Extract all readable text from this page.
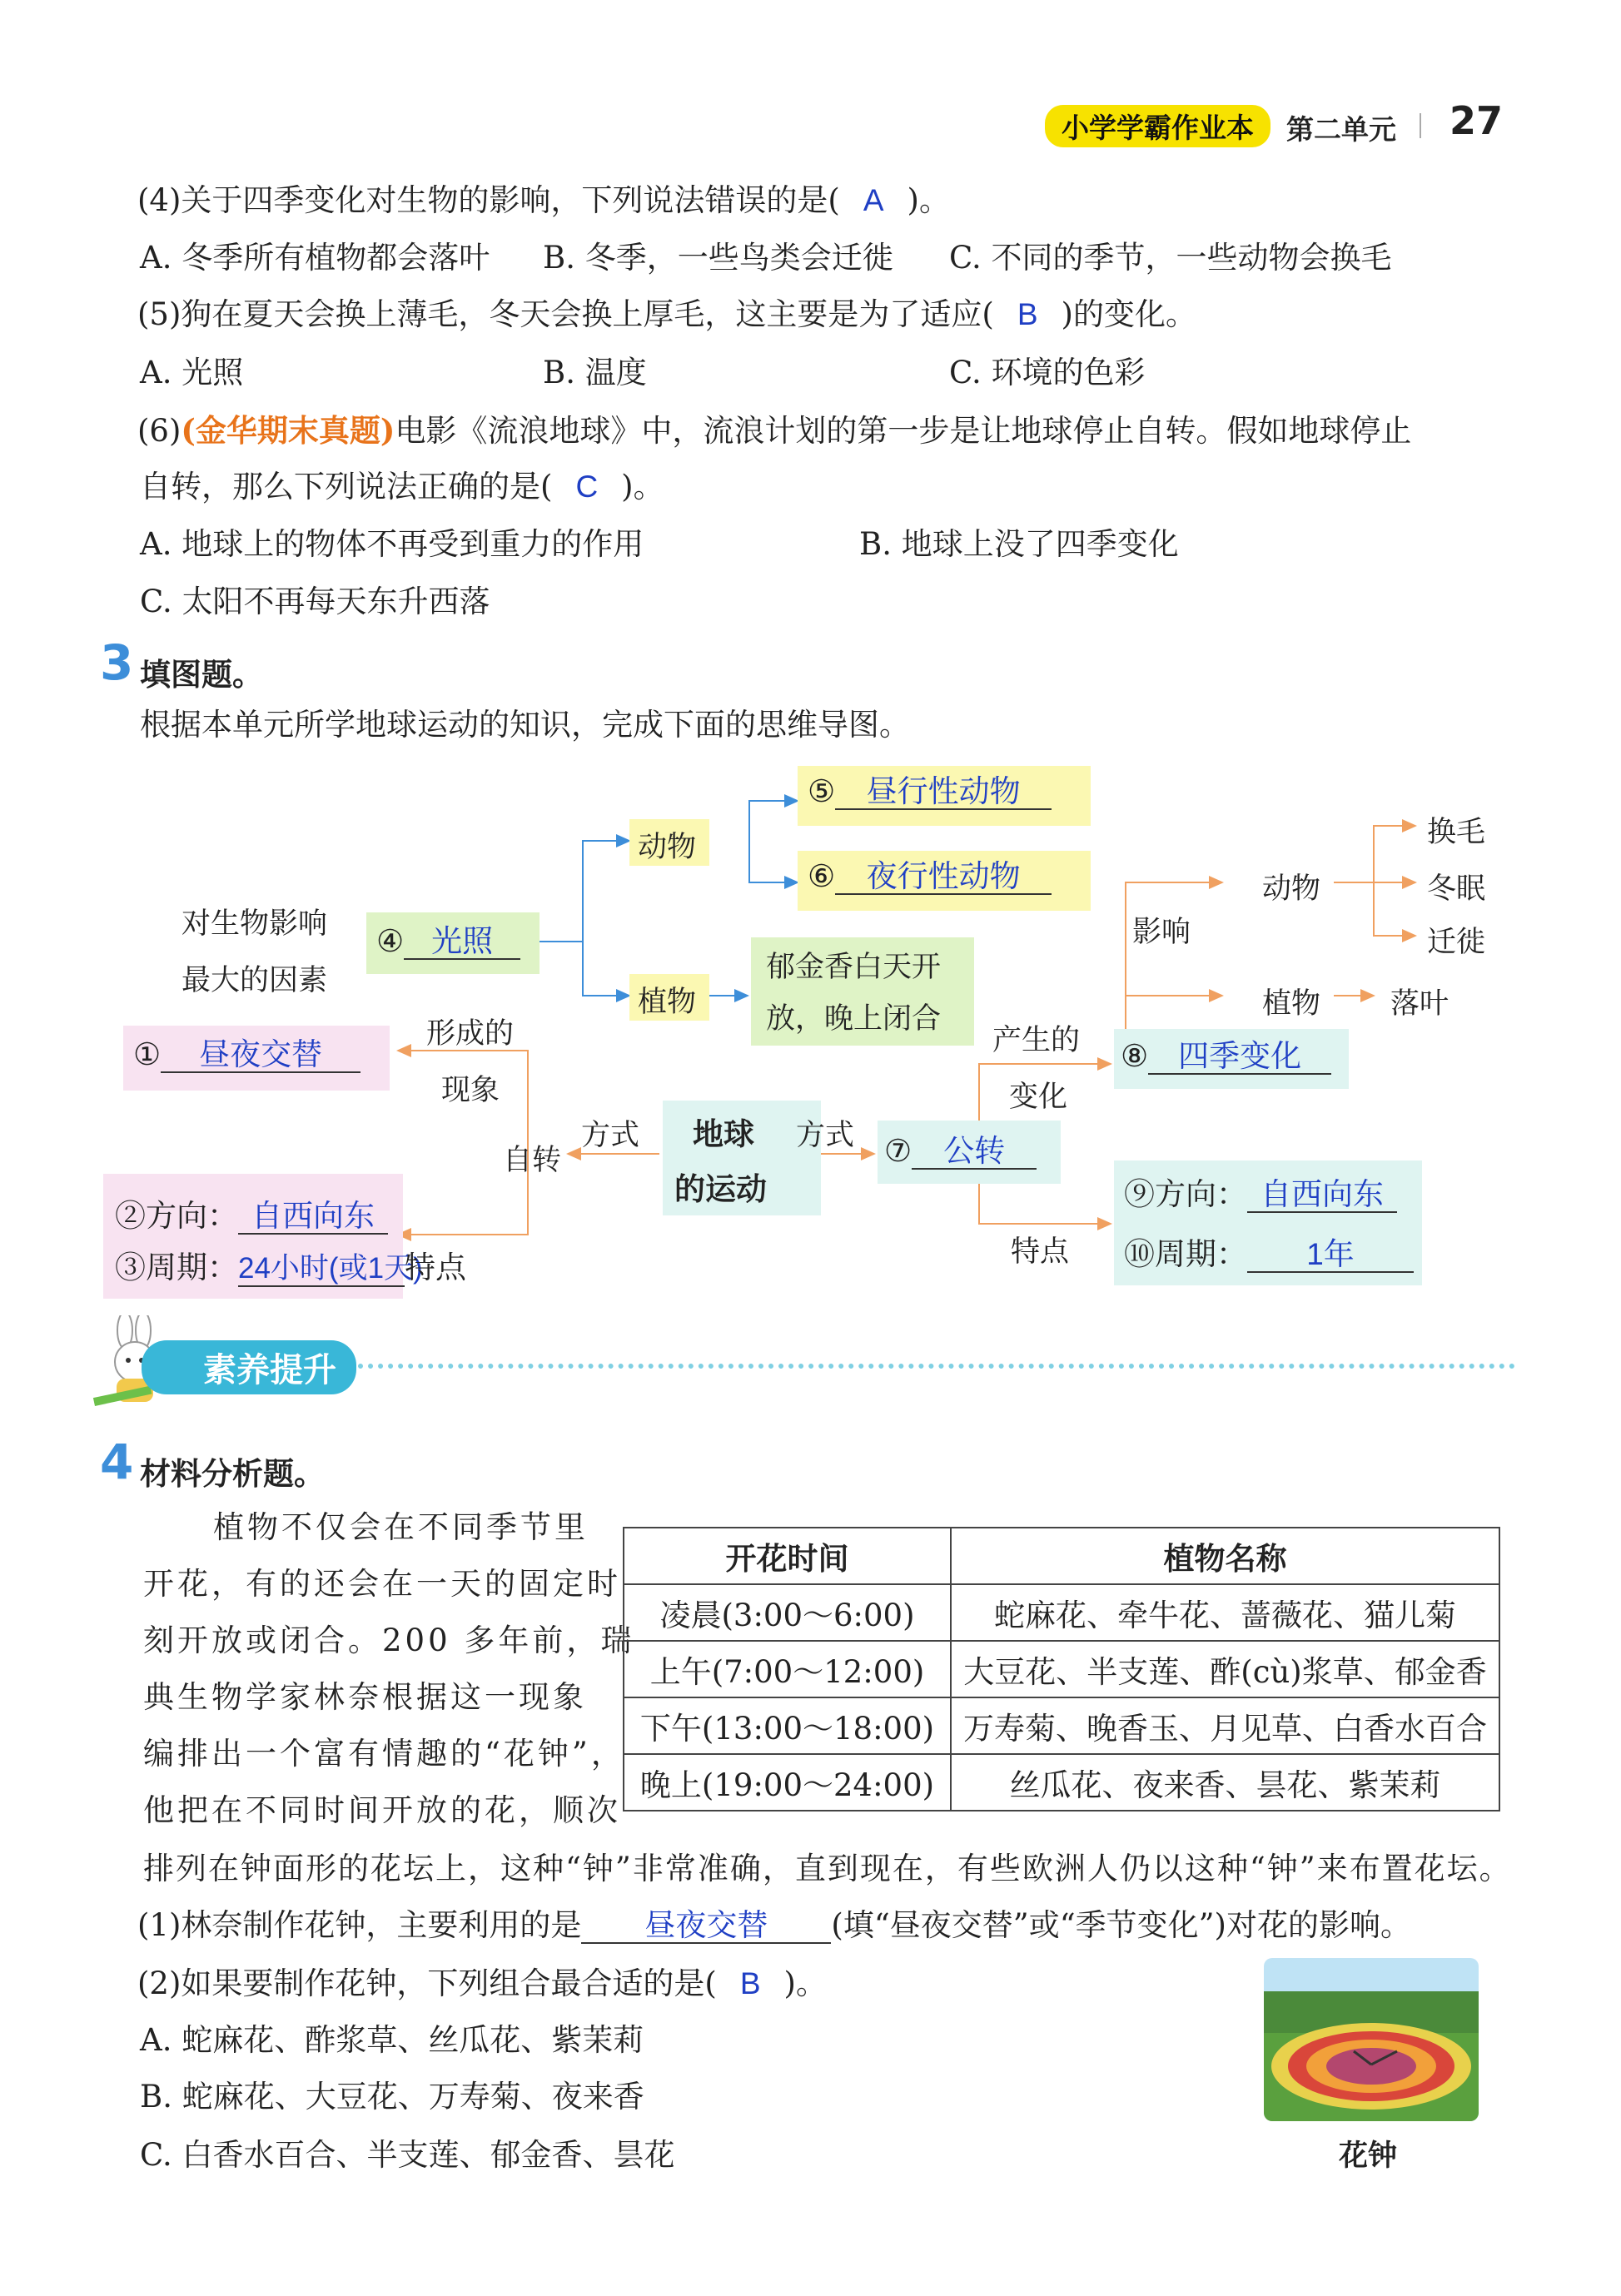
小学学霸作业本	第二单元 27
(4)关于四季变化对生物的影响，下列说法错误的是( A )。
A. 冬季所有植物都会落叶 B. 冬季，一些鸟类会迁徙 C. 不同的季节，一些动物会换毛
(5)狗在夏天会换上薄毛，冬天会换上厚毛，这主要是为了适应( B )的变化。
A. 光照	B. 温度	C. 环境的色彩
(6)(金华期末真题)电影《流浪地球》中，流浪计划的第一步是让地球停止自转。假如地球停止
自转，那么下列说法正确的是( C )。
A. 地球上的物体不再受到重力的作用	B. 地球上没了四季变化
C. 太阳不再每天东升西落
3 填图题。
根据本单元所学地球运动的知识，完成下面的思维导图。
地球
的运动
方式	方式
自转
① 昼夜交替
形成的
现象
②方向： 自西向东
③周期：24小时(或1天)特点
对生物影响
最大的因素
④ 光照
动物
植物
郁金香白天开
放，晚上闭合
⑤ 昼行性动物
⑥ 夜行性动物
⑦ 公转
产生的
变化
⑧ 四季变化
影响
动物
植物
换毛
冬眠
迁徙
落叶
特点
⑨方向： 自西向东
⑩周期： 1年
素养提升
4 材料分析题。
植物不仅会在不同季节里
开花，有的还会在一天的固定时
刻开放或闭合。200 多年前，瑞
典生物学家林奈根据这一现象
编排出一个富有情趣的“花钟”，
他把在不同时间开放的花，顺次
排列在钟面形的花坛上，这种“钟”非常准确，直到现在，有些欧洲人仍以这种“钟”来布置花坛。
开花时间	植物名称
凌晨(3:00～6:00)	蛇麻花、牵牛花、蔷薇花、猫儿菊
上午(7:00～12:00)	大豆花、半支莲、酢(cù)浆草、郁金香
下午(13:00～18:00)	万寿菊、晚香玉、月见草、白香水百合
晚上(19:00～24:00)	丝瓜花、夜来香、昙花、紫茉莉
(1)林奈制作花钟，主要利用的是 昼夜交替 (填“昼夜交替”或“季节变化”)对花的影响。
(2)如果要制作花钟，下列组合最合适的是( B )。
A. 蛇麻花、酢浆草、丝瓜花、紫茉莉
B. 蛇麻花、大豆花、万寿菊、夜来香
C. 白香水百合、半支莲、郁金香、昙花	花钟
